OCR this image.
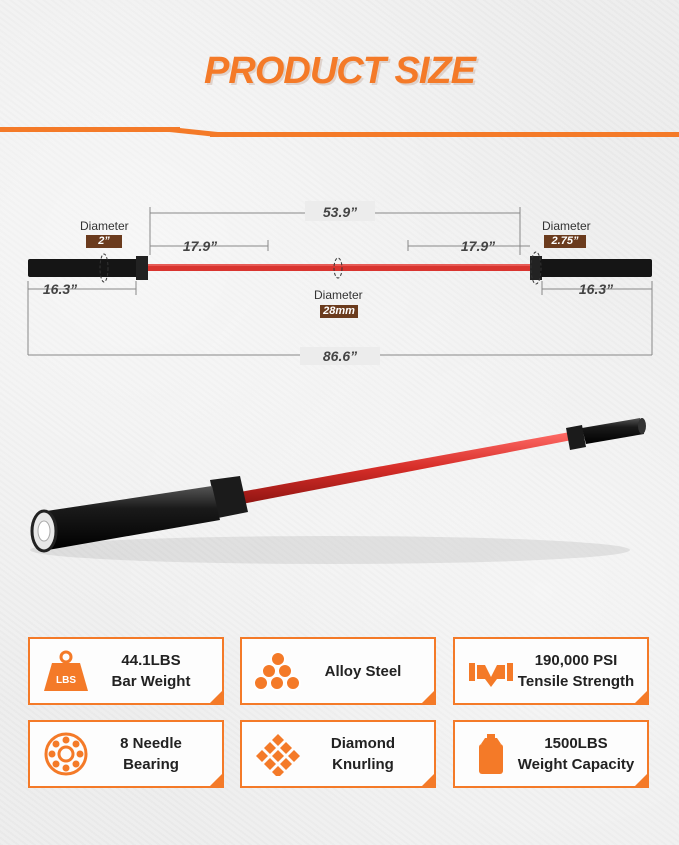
PRODUCT SIZE
53.9”
17.9”	17.9”
16.3”	16.3”
86.6”
Diameter
2”
Diameter
2.75”
Diameter
28mm
LBS
44.1LBS
Bar Weight
Alloy Steel
190,000 PSI
Tensile Strength
8 Needle
Bearing
Diamond
Knurling
1500LBS
Weight Capacity
